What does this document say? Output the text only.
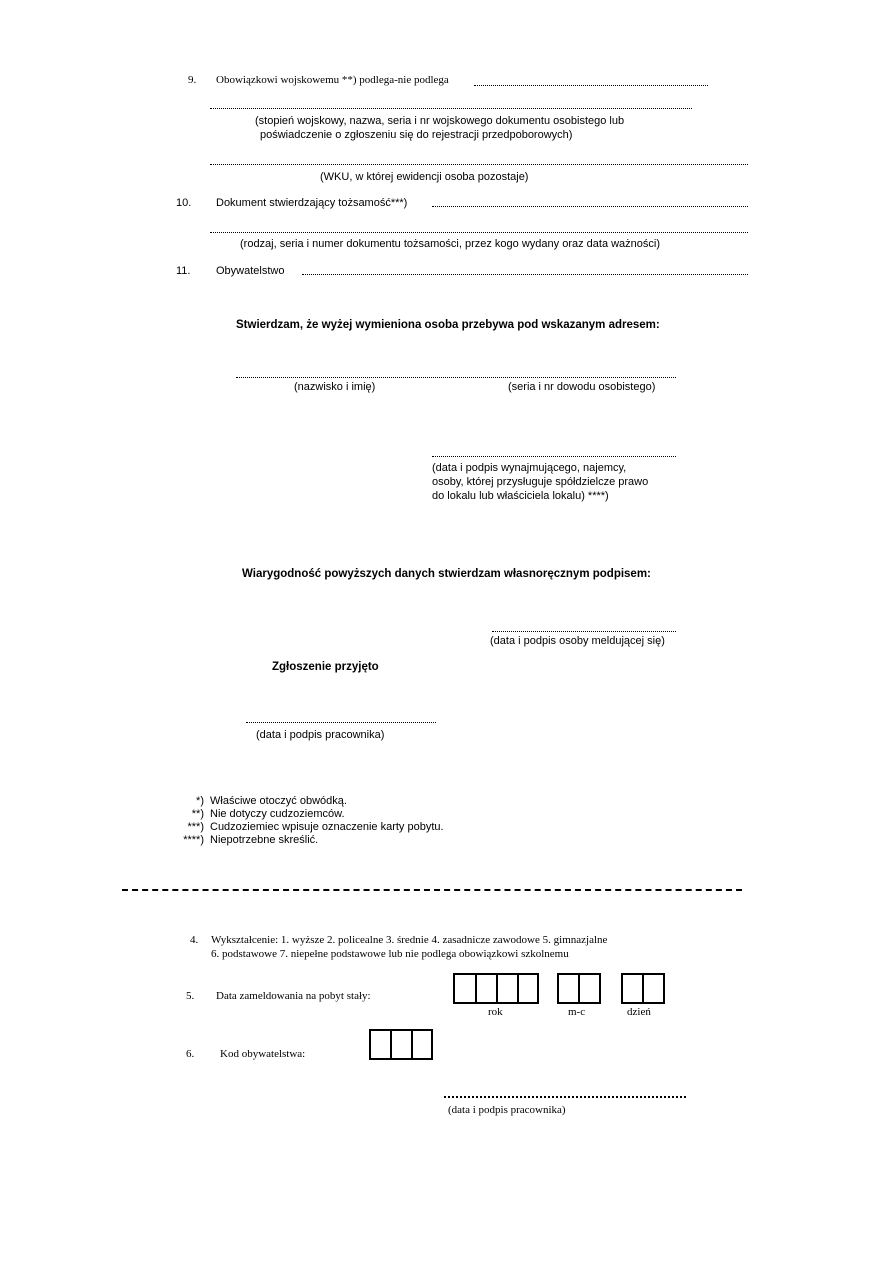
9. Obowiązkowi wojskowemu **) podlega-nie podlega
(stopień wojskowy, nazwa, seria i nr wojskowego dokumentu osobistego lub
poświadczenie o zgłoszeniu się do rejestracji przedpoborowych)
(WKU, w której ewidencji osoba pozostaje)
10. Dokument stwierdzający tożsamość***)
(rodzaj, seria i numer dokumentu tożsamości, przez kogo wydany oraz data ważności)
11. Obywatelstwo
Stwierdzam, że wyżej wymieniona osoba przebywa pod wskazanym adresem:
(nazwisko i imię)	(seria i nr dowodu osobistego)
(data i podpis wynajmującego, najemcy,
osoby, której przysługuje spółdzielcze prawo
do lokalu lub właściciela lokalu) ****)
Wiarygodność powyższych danych stwierdzam własnoręcznym podpisem:
(data i podpis osoby meldującej się)
Zgłoszenie przyjęto
(data i podpis pracownika)
*) Właściwe otoczyć obwódką.
**) Nie dotyczy cudzoziemców.
***) Cudzoziemiec wpisuje oznaczenie karty pobytu.
****) Niepotrzebne skreślić.
4. Wykształcenie: 1. wyższe 2. policealne 3. średnie 4. zasadnicze zawodowe 5. gimnazjalne
6. podstawowe 7. niepełne podstawowe lub nie podlega obowiązkowi szkolnemu
5. Data zameldowania na pobyt stały:
rok	m-c	dzień
6. Kod obywatelstwa:
(data i podpis pracownika)
